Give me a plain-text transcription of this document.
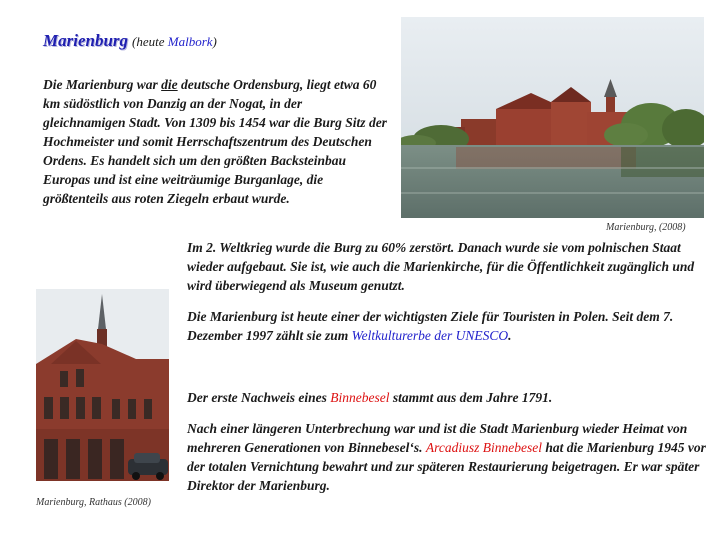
Marienburg (heute Malbork)

Die Marienburg war die deutsche Ordensburg, liegt etwa 60 km südöstlich von Danzig an der Nogat, in der gleichnamigen Stadt. Von 1309 bis 1454 war die Burg Sitz der Hochmeister und somit Herrschaftszentrum des Deutschen Ordens. Es handelt sich um den größten Backsteinbau Europas und ist eine weiträumige Burganlage, die größtenteils aus roten Ziegeln erbaut wurde.

Marienburg, (2008)

Im 2. Weltkrieg wurde die Burg zu 60% zerstört. Danach wurde sie vom polnischen Staat wieder aufgebaut. Sie ist, wie auch die Marienkirche, für die Öffentlichkeit zugänglich und wird überwiegend als Museum genutzt.

Die Marienburg ist heute einer der wichtigsten Ziele für Touristen in Polen. Seit dem 7. Dezember 1997 zählt sie zum Weltkulturerbe der UNESCO.

Marienburg, Rathaus (2008)

Der erste Nachweis eines Binnebesel stammt aus dem Jahre 1791.

Nach einer längeren Unterbrechung war und ist die Stadt Marienburg wieder Heimat von mehreren Generationen von Binnebesel‘s. Arcadiusz Binnebesel hat die Marienburg 1945 vor der totalen Vernichtung bewahrt und zur späteren Restaurierung beigetragen. Er war später Direktor der Marienburg.
